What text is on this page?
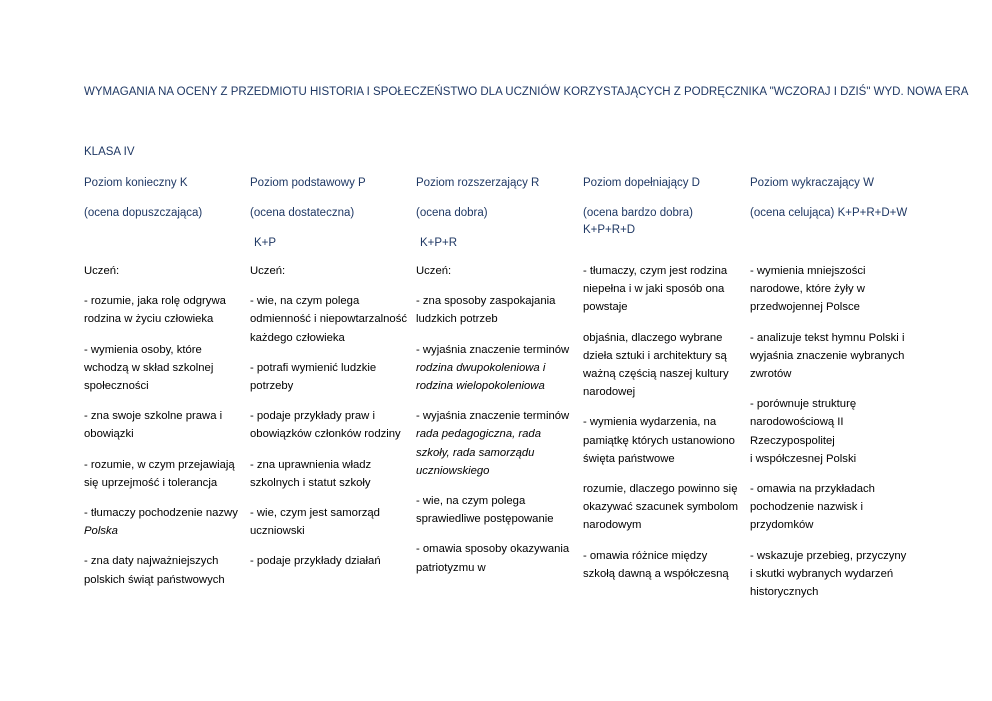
WYMAGANIA NA OCENY Z PRZEDMIOTU HISTORIA I SPOŁECZEŃSTWO DLA UCZNIÓW KORZYSTAJĄCYCH Z PODRĘCZNIKA "WCZORAJ I DZIŚ" WYD. NOWA ERA
KLASA IV
Poziom konieczny K
(ocena dopuszczająca)
Uczeń:
- rozumie, jaka rolę odgrywa rodzina w życiu człowieka
- wymienia osoby, które wchodzą w skład szkolnej społeczności
- zna swoje szkolne prawa i obowiązki
- rozumie, w czym przejawiają się uprzejmość i tolerancja
- tłumaczy pochodzenie nazwy Polska
- zna daty najważniejszych polskich świąt państwowych
Poziom podstawowy P
(ocena dostateczna)
K+P
Uczeń:
- wie, na czym polega odmienność i niepowtarzalność każdego człowieka
- potrafi wymienić ludzkie potrzeby
- podaje przykłady praw i obowiązków członków rodziny
- zna uprawnienia władz szkolnych i statut szkoły
- wie, czym jest samorząd uczniowski
- podaje przykłady działań
Poziom rozszerzający R
(ocena dobra)
K+P+R
Uczeń:
- zna sposoby zaspokajania ludzkich potrzeb
- wyjaśnia znaczenie terminów rodzina dwupokoleniowa i rodzina wielopokoleniowa
- wyjaśnia znaczenie terminów rada pedagogiczna, rada szkoły, rada samorządu uczniowskiego
- wie, na czym polega sprawiedliwe postępowanie
- omawia sposoby okazywania patriotyzmu w
Poziom dopełniający D
(ocena bardzo dobra)
K+P+R+D
- tłumaczy, czym jest rodzina niepełna i w jaki sposób ona powstaje
objaśnia, dlaczego wybrane dzieła sztuki i architektury są ważną częścią naszej kultury narodowej
- wymienia wydarzenia, na pamiątkę których ustanowiono święta państwowe
rozumie, dlaczego powinno się okazywać szacunek symbolom narodowym
- omawia różnice między szkołą dawną a współczesną
Poziom wykraczający W
(ocena celująca) K+P+R+D+W
- wymienia mniejszości narodowe, które żyły w przedwojennej Polsce
- analizuje tekst hymnu Polski i wyjaśnia znaczenie wybranych zwrotów
- porównuje strukturę narodowościową II Rzeczypospolitej
i współczesnej Polski
- omawia na przykładach pochodzenie nazwisk i przydomków
- wskazuje przebieg, przyczyny i skutki wybranych wydarzeń historycznych
